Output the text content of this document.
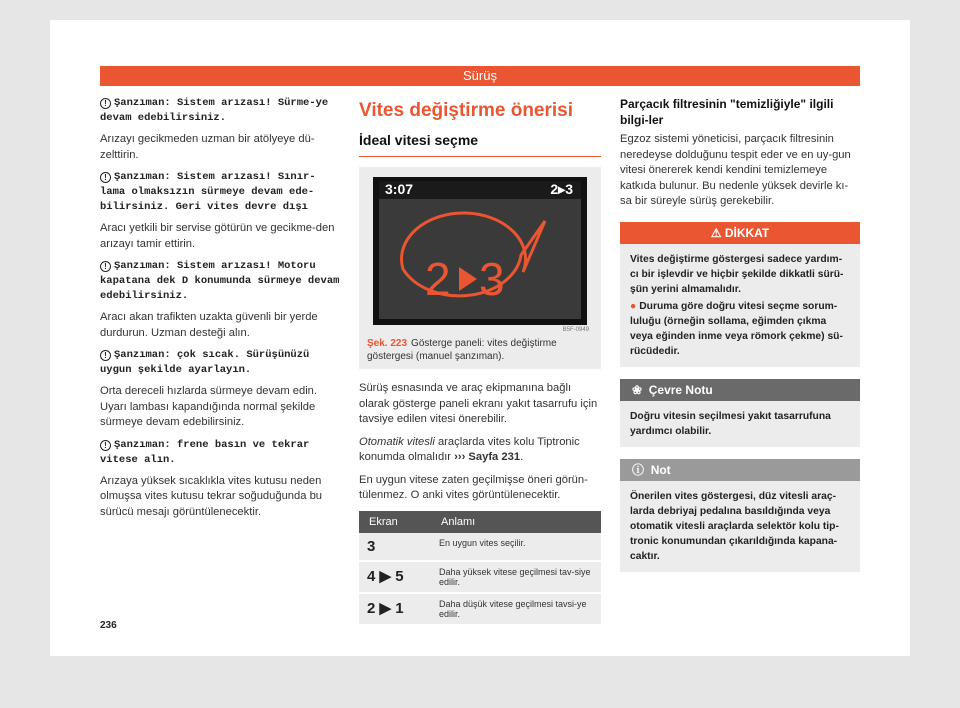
Sürüş
! Şanzıman: Sistem arızası! Sürme-ye devam edebilirsiniz.
Arızayı gecikmeden uzman bir atölyeye dü-zelttirin.
! Şanzıman: Sistem arızası! Sınır-lama olmaksızın sürmeye devam ede-bilirsiniz. Geri vites devre dışı
Aracı yetkili bir servise götürün ve gecikme-den arızayı tamir ettirin.
! Şanzıman: Sistem arızası! Motoru kapatana dek D konumunda sürmeye devam edebilirsiniz.
Aracı akan trafikten uzakta güvenli bir yerde durdurun. Uzman desteği alın.
! Şanzıman: çok sıcak. Sürüşünüzü uygun şekilde ayarlayın.
Orta dereceli hızlarda sürmeye devam edin. Uyarı lambası kapandığında normal şekilde sürmeye devam edebilirsiniz.
! Şanzıman: frene basın ve tekrar vitese alın.
Arızaya yüksek sıcaklıkla vites kutusu neden olmuşsa vites kutusu tekrar soğuduğunda bu sürücü mesajı görüntülenecektir.
236
Vites değiştirme önerisi
İdeal vitesi seçme
3:07	2▸3
2 3
B5F-0949
Şek. 223 Gösterge paneli: vites değiştirme göstergesi (manuel şanzıman).
Sürüş esnasında ve araç ekipmanına bağlı olarak gösterge paneli ekranı yakıt tasarrufu için tavsiye edilen vitesi önerebilir.
Otomatik vitesli araçlarda vites kolu Tiptronic konumda olmalıdır ››› Sayfa 231.
En uygun vitese zaten geçilmişse öneri görün-tülenmez. O anki vites görüntülenecektir.
Ekran	Anlamı
3	En uygun vites seçilir.
4 ▶ 5	Daha yüksek vitese geçilmesi tav-siye edilir.
2 ▶ 1	Daha düşük vitese geçilmesi tavsi-ye edilir.
Parçacık filtresinin "temizliğiyle" ilgili bilgi-ler
Egzoz sistemi yöneticisi, parçacık filtresinin neredeyse dolduğunu tespit eder ve en uy-gun vitesi önererek kendi kendini temizlemeye katkıda bulunur. Bu nedenle yüksek devirle kı-sa bir süreyle sürüş gerekebilir.
⚠ DİKKAT
Vites değiştirme göstergesi sadece yardım-cı bir işlevdir ve hiçbir şekilde dikkatli sürü-şün yerini almamalıdır.
● Duruma göre doğru vitesi seçme sorum-luluğu (örneğin sollama, eğimden çıkma veya eğinden inme veya römork çekme) sü-rücüdedir.
❀ Çevre Notu
Doğru vitesin seçilmesi yakıt tasarrufuna yardımcı olabilir.
ⓘ Not
Önerilen vites göstergesi, düz vitesli araç-larda debriyaj pedalına basıldığında veya otomatik vitesli araçlarda selektör kolu tip-tronic konumundan çıkarıldığında kapana-caktır.
